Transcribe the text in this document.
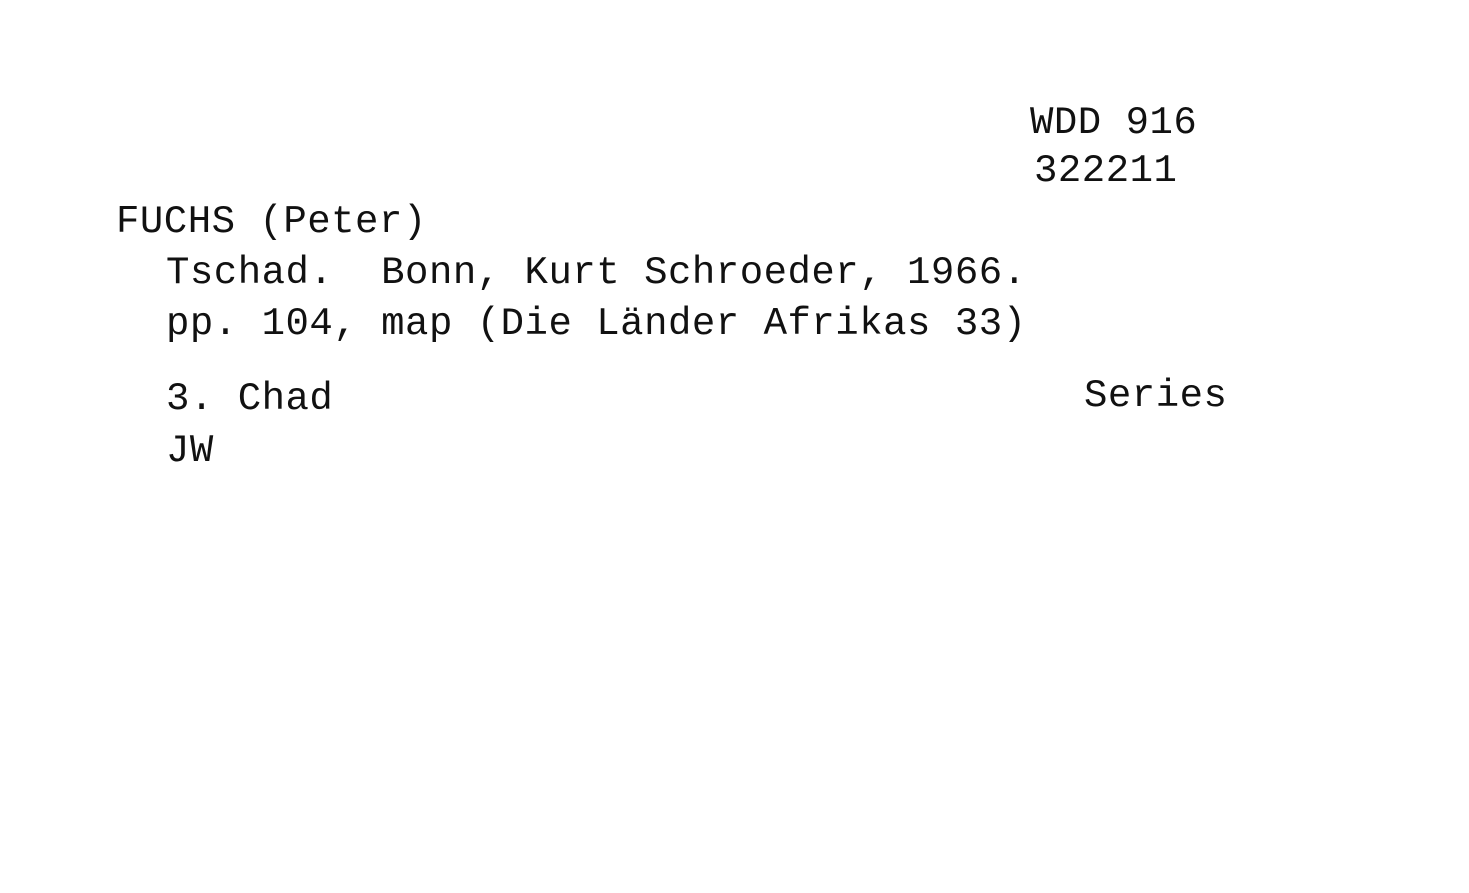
WDD 916
322211
FUCHS (Peter)
Tschad.  Bonn, Kurt Schroeder, 1966.
pp. 104, map (Die Länder Afrikas 33)
3. Chad	Series
JW
